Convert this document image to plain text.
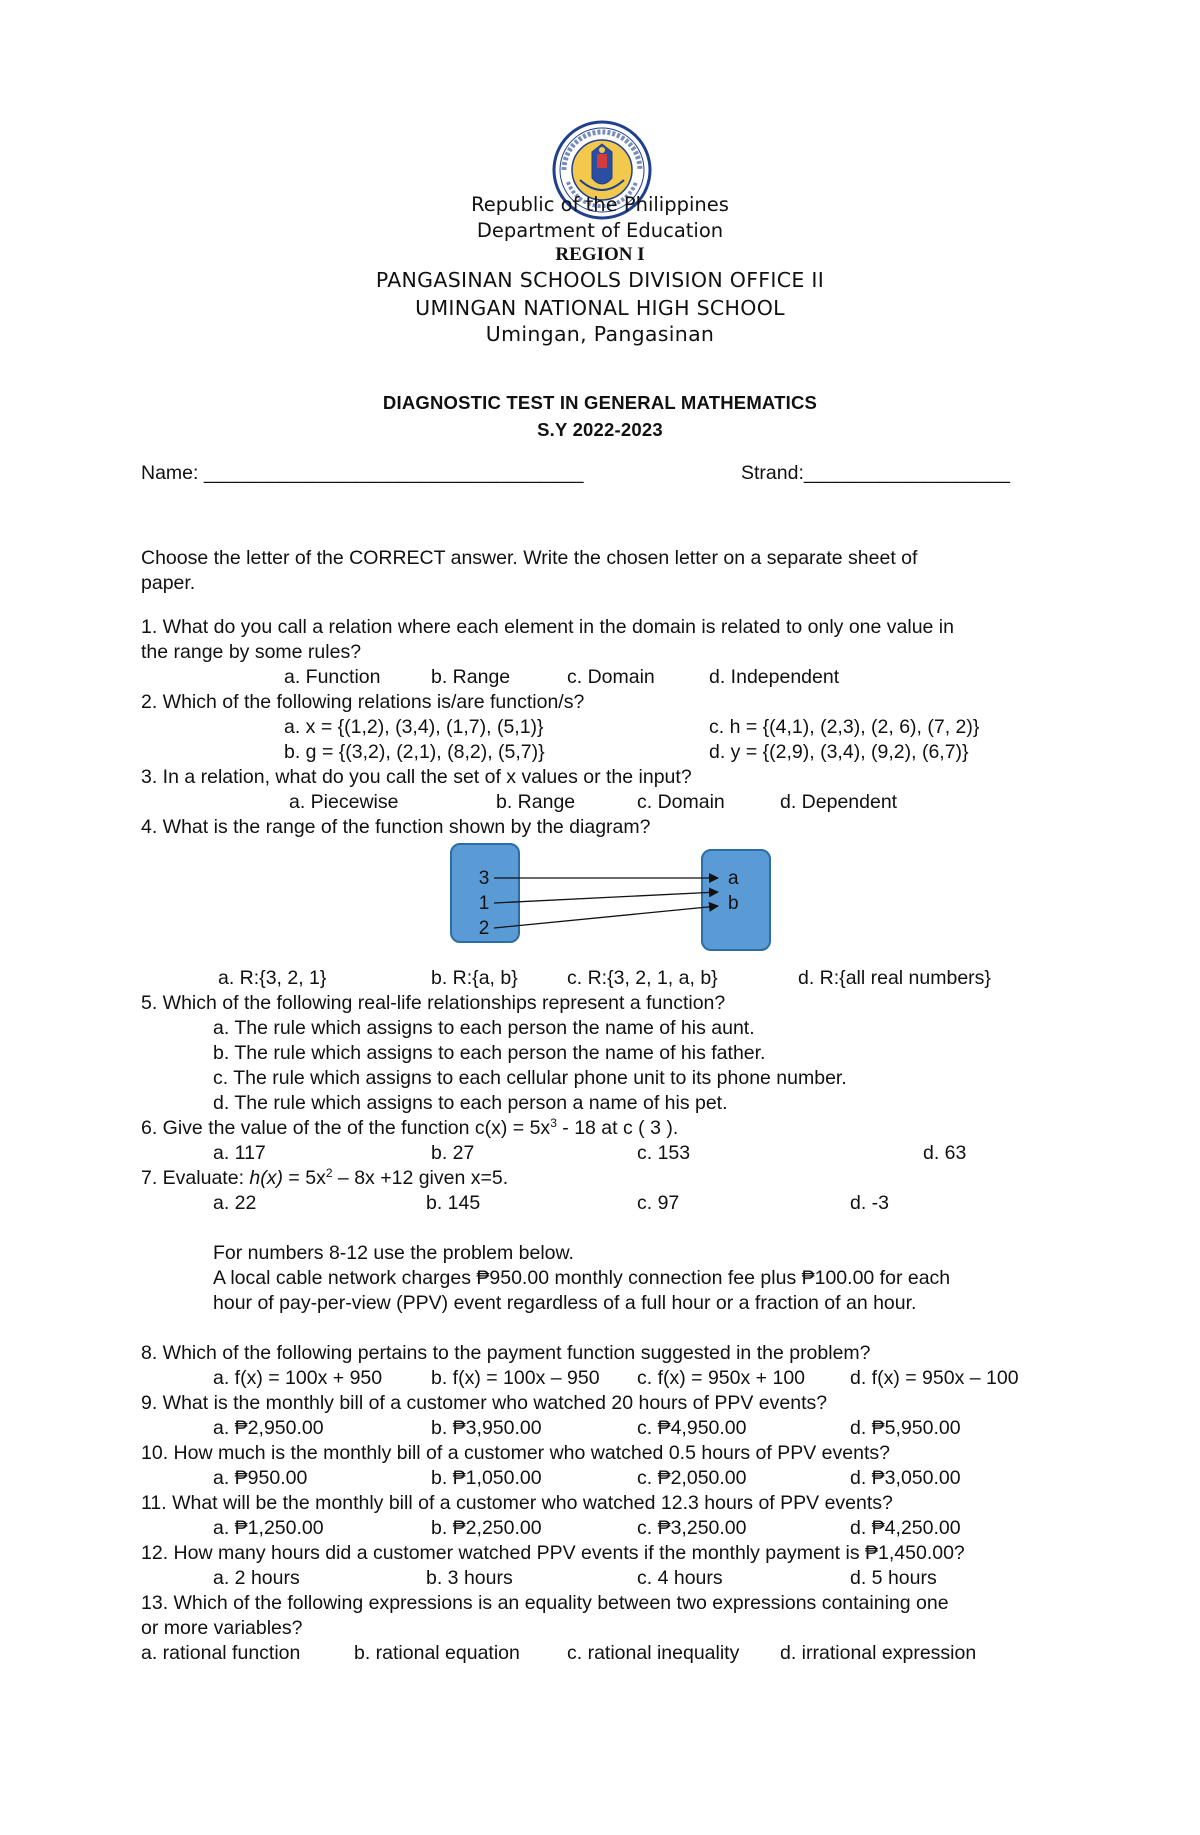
Republic of the Philippines
Department of Education
REGION I
PANGASINAN SCHOOLS DIVISION OFFICE II
UMINGAN NATIONAL HIGH SCHOOL
Umingan, Pangasinan
DIAGNOSTIC TEST IN GENERAL MATHEMATICS
S.Y 2022-2023
Name: ___________________________________	Strand:___________________
Choose the letter of the CORRECT answer. Write the chosen letter on a separate sheet of
paper.
1. What do you call a relation where each element in the domain is related to only one value in
the range by some rules?
a. Function	b. Range	c. Domain	d. Independent
2. Which of the following relations is/are function/s?
a. x = {(1,2), (3,4), (1,7), (5,1)}	c. h = {(4,1), (2,3), (2, 6), (7, 2)}
b. g = {(3,2), (2,1), (8,2), (5,7)}	d. y = {(2,9), (3,4), (9,2), (6,7)}
3. In a relation, what do you call the set of x values or the input?
a. Piecewise	b. Range	c. Domain	d. Dependent
4. What is the range of the function shown by the diagram?
3
1
2
a
b
a. R:{3, 2, 1}	b. R:{a, b}	c. R:{3, 2, 1, a, b}	d. R:{all real numbers}
5. Which of the following real-life relationships represent a function?
a. The rule which assigns to each person the name of his aunt.
b. The rule which assigns to each person the name of his father.
c. The rule which assigns to each cellular phone unit to its phone number.
d. The rule which assigns to each person a name of his pet.
6. Give the value of the of the function $c(x) = 5x^3 - 18$ at c ( 3 ).
a. 117	b. 27	c. 153	d. 63
7. Evaluate: $h(x) = 5x^2 - 8x +12$ given x=5.
a. 22	b. 145	c. 97	d. -3
For numbers 8-12 use the problem below.
A local cable network charges ₱950.00 monthly connection fee plus ₱100.00 for each
hour of pay-per-view (PPV) event regardless of a full hour or a fraction of an hour.
8. Which of the following pertains to the payment function suggested in the problem?
a. f(x) = 100x + 950	b. f(x) = 100x – 950 c. f(x) = 950x + 100 d. f(x) = 950x – 100
9. What is the monthly bill of a customer who watched 20 hours of PPV events?
a. ₱2,950.00	b. ₱3,950.00	c. ₱4,950.00	d. ₱5,950.00
10. How much is the monthly bill of a customer who watched 0.5 hours of PPV events?
a. ₱950.00	b. ₱1,050.00	c. ₱2,050.00	d. ₱3,050.00
11. What will be the monthly bill of a customer who watched 12.3 hours of PPV events?
a. ₱1,250.00	b. ₱2,250.00	c. ₱3,250.00	d. ₱4,250.00
12. How many hours did a customer watched PPV events if the monthly payment is ₱1,450.00?
a. 2 hours	b. 3 hours	c. 4 hours	d. 5 hours
13. Which of the following expressions is an equality between two expressions containing one
or more variables?
a. rational function	b. rational equation c. rational inequality d. irrational expression
